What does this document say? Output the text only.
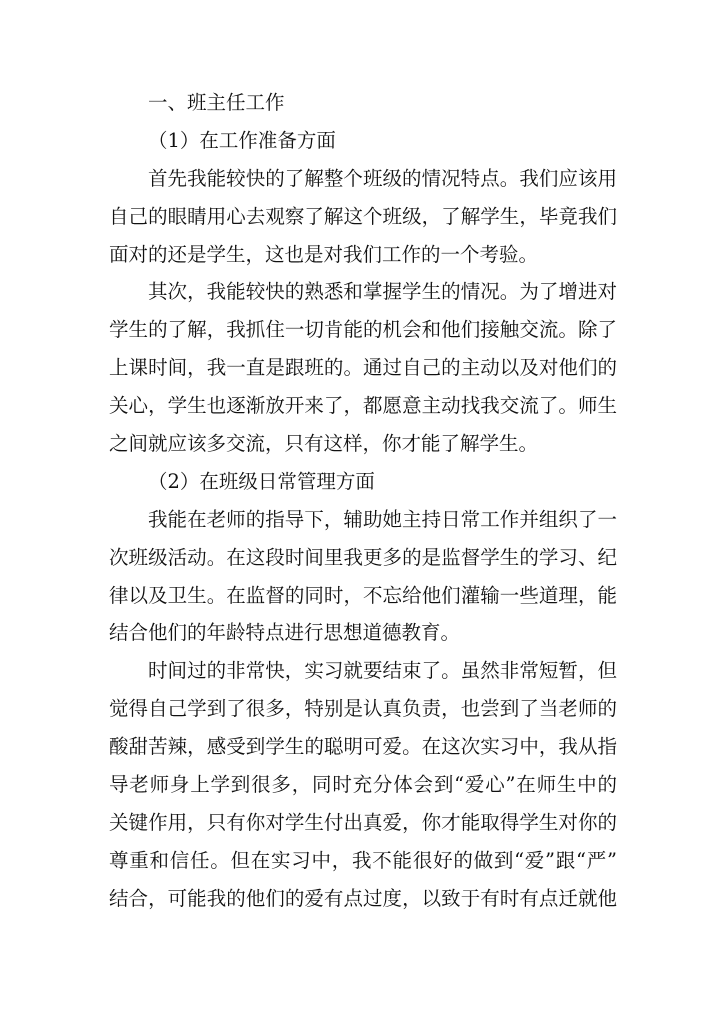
一、班主任工作
（1）在工作准备方面
首先我能较快的了解整个班级的情况特点。我们应该用
自己的眼睛用心去观察了解这个班级，了解学生，毕竟我们
面对的还是学生，这也是对我们工作的一个考验。
其次，我能较快的熟悉和掌握学生的情况。为了增进对
学生的了解，我抓住一切肯能的机会和他们接触交流。除了
上课时间，我一直是跟班的。通过自己的主动以及对他们的
关心，学生也逐渐放开来了，都愿意主动找我交流了。师生
之间就应该多交流，只有这样，你才能了解学生。
（2）在班级日常管理方面
我能在老师的指导下，辅助她主持日常工作并组织了一
次班级活动。在这段时间里我更多的是监督学生的学习、纪
律以及卫生。在监督的同时，不忘给他们灌输一些道理，能
结合他们的年龄特点进行思想道德教育。
时间过的非常快，实习就要结束了。虽然非常短暂，但
觉得自己学到了很多，特别是认真负责，也尝到了当老师的
酸甜苦辣，感受到学生的聪明可爱。在这次实习中，我从指
导老师身上学到很多，同时充分体会到“爱心”在师生中的
关键作用，只有你对学生付出真爱，你才能取得学生对你的
尊重和信任。但在实习中，我不能很好的做到“爱”跟“严”
结合，可能我的他们的爱有点过度，以致于有时有点迁就他
